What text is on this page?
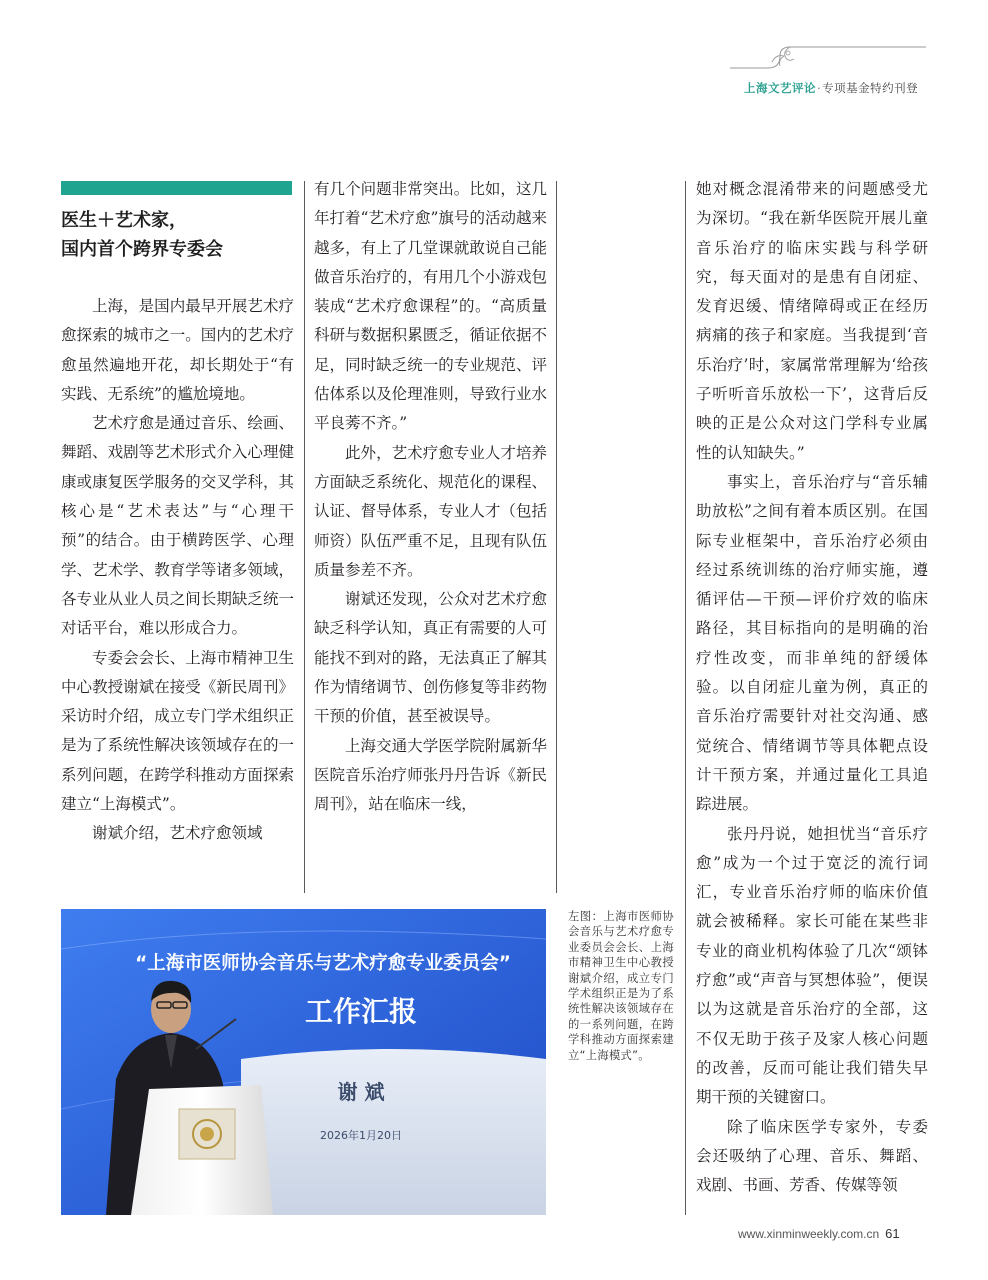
上海文艺评论·专项基金特约刊登
医生＋艺术家，
国内首个跨界专委会

上海，是国内最早开展艺术疗愈探索的城市之一。国内的艺术疗愈虽然遍地开花，却长期处于“有实践、无系统”的尴尬境地。

艺术疗愈是通过音乐、绘画、舞蹈、戏剧等艺术形式介入心理健康或康复医学服务的交叉学科，其核心是“艺术表达”与“心理干预”的结合。由于横跨医学、心理学、艺术学、教育学等诸多领域，各专业从业人员之间长期缺乏统一对话平台，难以形成合力。

专委会会长、上海市精神卫生中心教授谢斌在接受《新民周刊》采访时介绍，成立专门学术组织正是为了系统性解决该领域存在的一系列问题，在跨学科推动方面探索建立“上海模式”。

谢斌介绍，艺术疗愈领域

有几个问题非常突出。比如，这几年打着“艺术疗愈”旗号的活动越来越多，有上了几堂课就敢说自己能做音乐治疗的，有用几个小游戏包装成“艺术疗愈课程”的。“高质量科研与数据积累匮乏，循证依据不足，同时缺乏统一的专业规范、评估体系以及伦理准则，导致行业水平良莠不齐。”

此外，艺术疗愈专业人才培养方面缺乏系统化、规范化的课程、认证、督导体系，专业人才（包括师资）队伍严重不足，且现有队伍质量参差不齐。

谢斌还发现，公众对艺术疗愈缺乏科学认知，真正有需要的人可能找不到对的路，无法真正了解其作为情绪调节、创伤修复等非药物干预的价值，甚至被误导。

上海交通大学医学院附属新华医院音乐治疗师张丹丹告诉《新民周刊》，站在临床一线，

她对概念混淆带来的问题感受尤为深切。“我在新华医院开展儿童音乐治疗的临床实践与科学研究，每天面对的是患有自闭症、发育迟缓、情绪障碍或正在经历病痛的孩子和家庭。当我提到‘音乐治疗’时，家属常常理解为‘给孩子听听音乐放松一下’，这背后反映的正是公众对这门学科专业属性的认知缺失。”

事实上，音乐治疗与“音乐辅助放松”之间有着本质区别。在国际专业框架中，音乐治疗必须由经过系统训练的治疗师实施，遵循评估—干预—评价疗效的临床路径，其目标指向的是明确的治疗性改变，而非单纯的舒缓体验。以自闭症儿童为例，真正的音乐治疗需要针对社交沟通、感觉统合、情绪调节等具体靶点设计干预方案，并通过量化工具追踪进展。

张丹丹说，她担忧当“音乐疗愈”成为一个过于宽泛的流行词汇，专业音乐治疗师的临床价值就会被稀释。家长可能在某些非专业的商业机构体验了几次“颂钵疗愈”或“声音与冥想体验”，便误以为这就是音乐治疗的全部，这不仅无助于孩子及家人核心问题的改善，反而可能让我们错失早期干预的关键窗口。

除了临床医学专家外，专委会还吸纳了心理、音乐、舞蹈、戏剧、书画、芳香、传媒等领

“上海市医师协会音乐与艺术疗愈专业委员会”
工作汇报
谢 斌
2026年1月20日
左图：上海市医师协会音乐与艺术疗愈专业委员会会长、上海市精神卫生中心教授谢斌介绍，成立专门学术组织正是为了系统性解决该领域存在的一系列问题，在跨学科推动方面探索建立“上海模式”。
www.xinminweekly.com.cn 61
